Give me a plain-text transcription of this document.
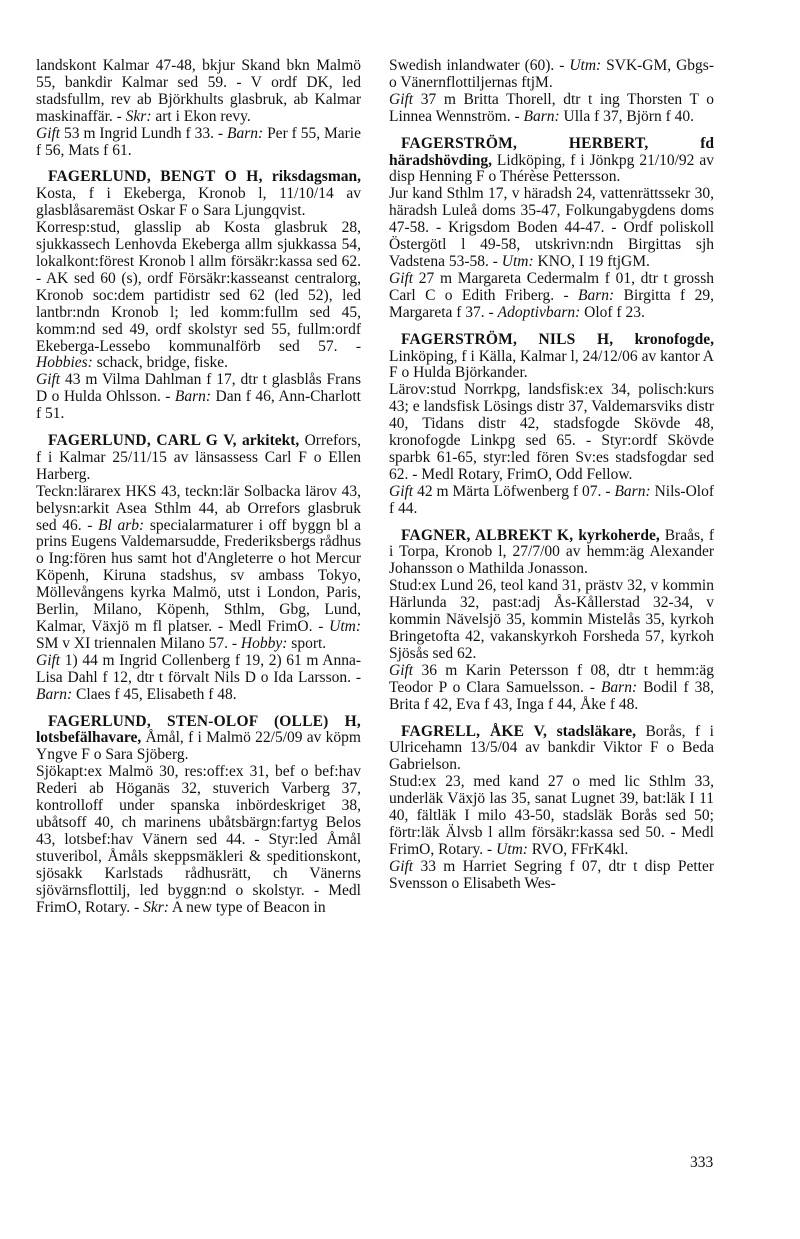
landskont Kalmar 47-48, bkjur Skand bkn Malmö 55, bankdir Kalmar sed 59. - V ordf DK, led stadsfullm, rev ab Björkhults glasbruk, ab Kalmar maskinaffär. - Skr: art i Ekon revy.

Gift 53 m Ingrid Lundh f 33. - Barn: Per f 55, Marie f 56, Mats f 61.

FAGERLUND, BENGT O H, riksdagsman, Kosta, f i Ekeberga, Kronob l, 11/10/14 av glasblåsaremäst Oskar F o Sara Ljungqvist.

Korresp:stud, glasslip ab Kosta glasbruk 28, sjukkassech Lenhovda Ekeberga allm sjukkassa 54, lokalkont:förest Kronob l allm försäkr:kassa sed 62. - AK sed 60 (s), ordf Försäkr:kasseanst centralorg, Kronob soc:dem partidistr sed 62 (led 52), led lantbr:ndn Kronob l; led komm:fullm sed 45, komm:nd sed 49, ordf skolstyr sed 55, fullm:ordf Ekeberga-Lessebo kommunalförb sed 57. - Hobbies: schack, bridge, fiske.

Gift 43 m Vilma Dahlman f 17, dtr t glasblås Frans D o Hulda Ohlsson. - Barn: Dan f 46, Ann-Charlott f 51.

FAGERLUND, CARL G V, arkitekt, Orrefors, f i Kalmar 25/11/15 av länsassess Carl F o Ellen Harberg.

Teckn:lärarex HKS 43, teckn:lär Solbacka lärov 43, belysn:arkit Asea Sthlm 44, ab Orrefors glasbruk sed 46. - Bl arb: specialarmaturer i off byggn bl a prins Eugens Valdemarsudde, Frederiksbergs rådhus o Ing:fören hus samt hot d'Angleterre o hot Mercur Köpenh, Kiruna stadshus, sv ambass Tokyo, Möllevångens kyrka Malmö, utst i London, Paris, Berlin, Milano, Köpenh, Sthlm, Gbg, Lund, Kalmar, Växjö m fl platser. - Medl FrimO. - Utm: SM v XI triennalen Milano 57. - Hobby: sport.

Gift 1) 44 m Ingrid Collenberg f 19, 2) 61 m Anna-Lisa Dahl f 12, dtr t förvalt Nils D o Ida Larsson. - Barn: Claes f 45, Elisabeth f 48.

FAGERLUND, STEN-OLOF (OLLE) H, lotsbefälhavare, Åmål, f i Malmö 22/5/09 av köpm Yngve F o Sara Sjöberg.

Sjökapt:ex Malmö 30, res:off:ex 31, bef o bef:hav Rederi ab Höganäs 32, stuverich Varberg 37, kontrolloff under spanska inbördeskriget 38, ubåtsoff 40, ch marinens ubåtsbärgn:fartyg Belos 43, lotsbef:hav Vänern sed 44. - Styr:led Åmål stuveribol, Åmåls skeppsmäkleri & speditionskont, sjösakk Karlstads rådhusrätt, ch Vänerns sjövärnsflottilj, led byggn:nd o skolstyr. - Medl FrimO, Rotary. - Skr: A new type of Beacon in

Swedish inlandwater (60). - Utm: SVK-GM, Gbgs- o Vänernflottiljernas ftjM.

Gift 37 m Britta Thorell, dtr t ing Thorsten T o Linnea Wennström. - Barn: Ulla f 37, Björn f 40.

FAGERSTRÖM, HERBERT, fd häradshövding, Lidköping, f i Jönkpg 21/10/92 av disp Henning F o Thérèse Pettersson.

Jur kand Sthlm 17, v häradsh 24, vattenrättssekr 30, häradsh Luleå doms 35-47, Folkungabygdens doms 47-58. - Krigsdom Boden 44-47. - Ordf poliskoll Östergötl l 49-58, utskrivn:ndn Birgittas sjh Vadstena 53-58. - Utm: KNO, I 19 ftjGM.

Gift 27 m Margareta Cedermalm f 01, dtr t grossh Carl C o Edith Friberg. - Barn: Birgitta f 29, Margareta f 37. - Adoptivbarn: Olof f 23.

FAGERSTRÖM, NILS H, kronofogde, Linköping, f i Källa, Kalmar l, 24/12/06 av kantor A F o Hulda Björkander.

Lärov:stud Norrkpg, landsfisk:ex 34, polisch:kurs 43; e landsfisk Lösings distr 37, Valdemarsviks distr 40, Tidans distr 42, stadsfogde Skövde 48, kronofogde Linkpg sed 65. - Styr:ordf Skövde sparbk 61-65, styr:led fören Sv:es stadsfogdar sed 62. - Medl Rotary, FrimO, Odd Fellow.

Gift 42 m Märta Löfwenberg f 07. - Barn: Nils-Olof f 44.

FAGNER, ALBREKT K, kyrkoherde, Braås, f i Torpa, Kronob l, 27/7/00 av hemm:äg Alexander Johansson o Mathilda Jonasson.

Stud:ex Lund 26, teol kand 31, prästv 32, v kommin Härlunda 32, past:adj Ås-Kållerstad 32-34, v kommin Nävelsjö 35, kommin Mistelås 35, kyrkoh Bringetofta 42, vakanskyrkoh Forsheda 57, kyrkoh Sjösås sed 62.

Gift 36 m Karin Petersson f 08, dtr t hemm:äg Teodor P o Clara Samuelsson. - Barn: Bodil f 38, Brita f 42, Eva f 43, Inga f 44, Åke f 48.

FAGRELL, ÅKE V, stadsläkare, Borås, f i Ulricehamn 13/5/04 av bankdir Viktor F o Beda Gabrielson.

Stud:ex 23, med kand 27 o med lic Sthlm 33, underläk Växjö las 35, sanat Lugnet 39, bat:läk I 11 40, fältläk I milo 43-50, stadsläk Borås sed 50; förtr:läk Älvsb l allm försäkr:kassa sed 50. - Medl FrimO, Rotary. - Utm: RVO, FFrK4kl.

Gift 33 m Harriet Segring f 07, dtr t disp Petter Svensson o Elisabeth Wes-

333
